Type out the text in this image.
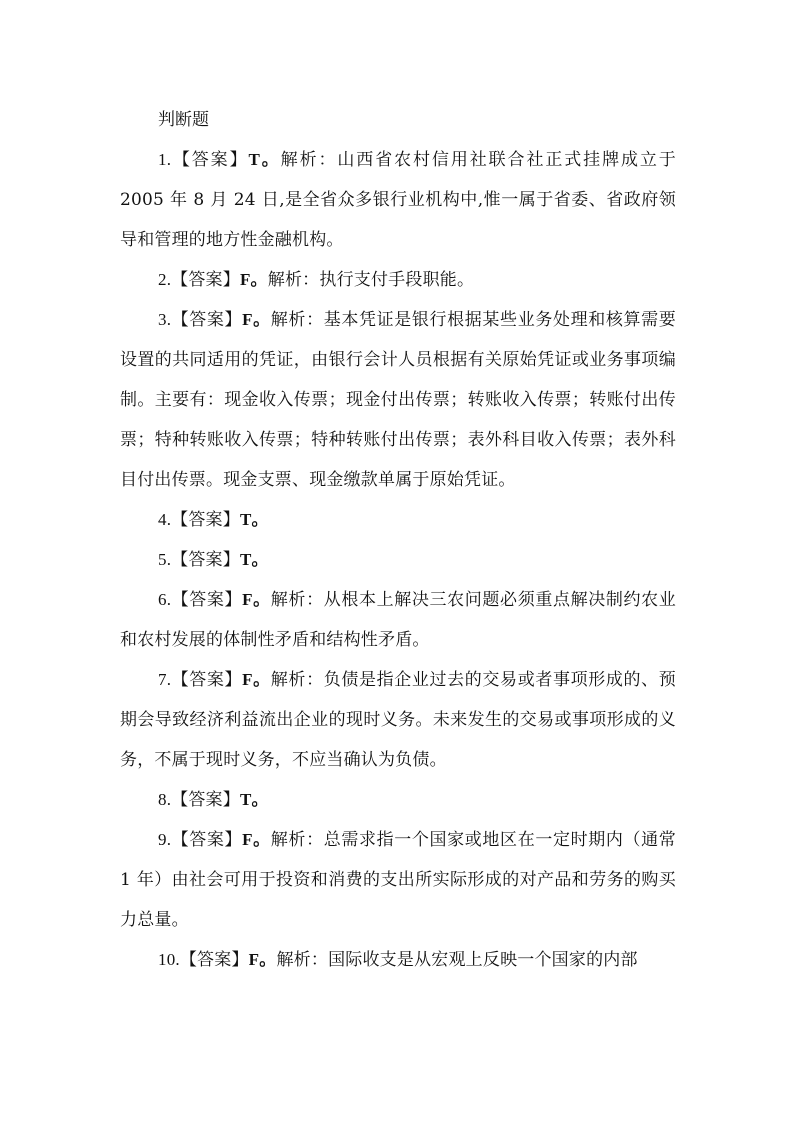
判断题

1.【答案】T。解析：山西省农村信用社联合社正式挂牌成立于 2005 年 8 月 24 日,是全省众多银行业机构中,惟一属于省委、省政府领导和管理的地方性金融机构。

2.【答案】F。解析：执行支付手段职能。

3.【答案】F。解析：基本凭证是银行根据某些业务处理和核算需要设置的共同适用的凭证，由银行会计人员根据有关原始凭证或业务事项编制。主要有：现金收入传票；现金付出传票；转账收入传票；转账付出传票；特种转账收入传票；特种转账付出传票；表外科目收入传票；表外科目付出传票。现金支票、现金缴款单属于原始凭证。

4.【答案】T。

5.【答案】T。

6.【答案】F。解析：从根本上解决三农问题必须重点解决制约农业和农村发展的体制性矛盾和结构性矛盾。

7.【答案】F。解析：负债是指企业过去的交易或者事项形成的、预期会导致经济利益流出企业的现时义务。未来发生的交易或事项形成的义务，不属于现时义务，不应当确认为负债。

8.【答案】T。

9.【答案】F。解析：总需求指一个国家或地区在一定时期内（通常 1 年）由社会可用于投资和消费的支出所实际形成的对产品和劳务的购买力总量。

10.【答案】F。解析：国际收支是从宏观上反映一个国家的内部
